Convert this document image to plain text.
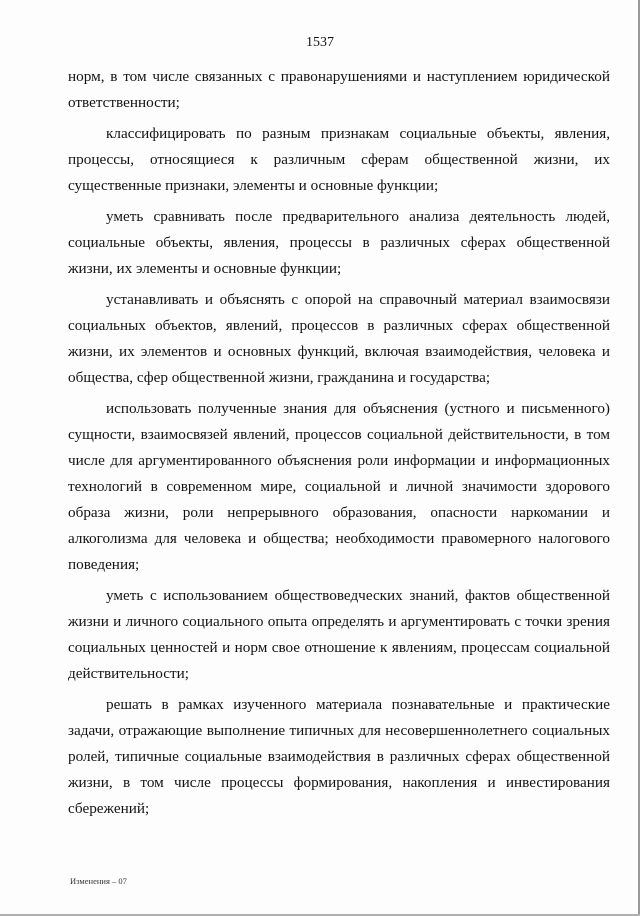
1537

норм, в том числе связанных с правонарушениями и наступлением юридической ответственности;

классифицировать по разным признакам социальные объекты, явления, процессы, относящиеся к различным сферам общественной жизни, их существенные признаки, элементы и основные функции;

уметь сравнивать после предварительного анализа деятельность людей, социальные объекты, явления, процессы в различных сферах общественной жизни, их элементы и основные функции;

устанавливать и объяснять с опорой на справочный материал взаимосвязи социальных объектов, явлений, процессов в различных сферах общественной жизни, их элементов и основных функций, включая взаимодействия, человека и общества, сфер общественной жизни, гражданина и государства;

использовать полученные знания для объяснения (устного и письменного) сущности, взаимосвязей явлений, процессов социальной действительности, в том числе для аргументированного объяснения роли информации и информационных технологий в современном мире, социальной и личной значимости здорового образа жизни, роли непрерывного образования, опасности наркомании и алкоголизма для человека и общества; необходимости правомерного налогового поведения;

уметь с использованием обществоведческих знаний, фактов общественной жизни и личного социального опыта определять и аргументировать с точки зрения социальных ценностей и норм свое отношение к явлениям, процессам социальной действительности;

решать в рамках изученного материала познавательные и практические задачи, отражающие выполнение типичных для несовершеннолетнего социальных ролей, типичные социальные взаимодействия в различных сферах общественной жизни, в том числе процессы формирования, накопления и инвестирования сбережений;

Изменения – 07
